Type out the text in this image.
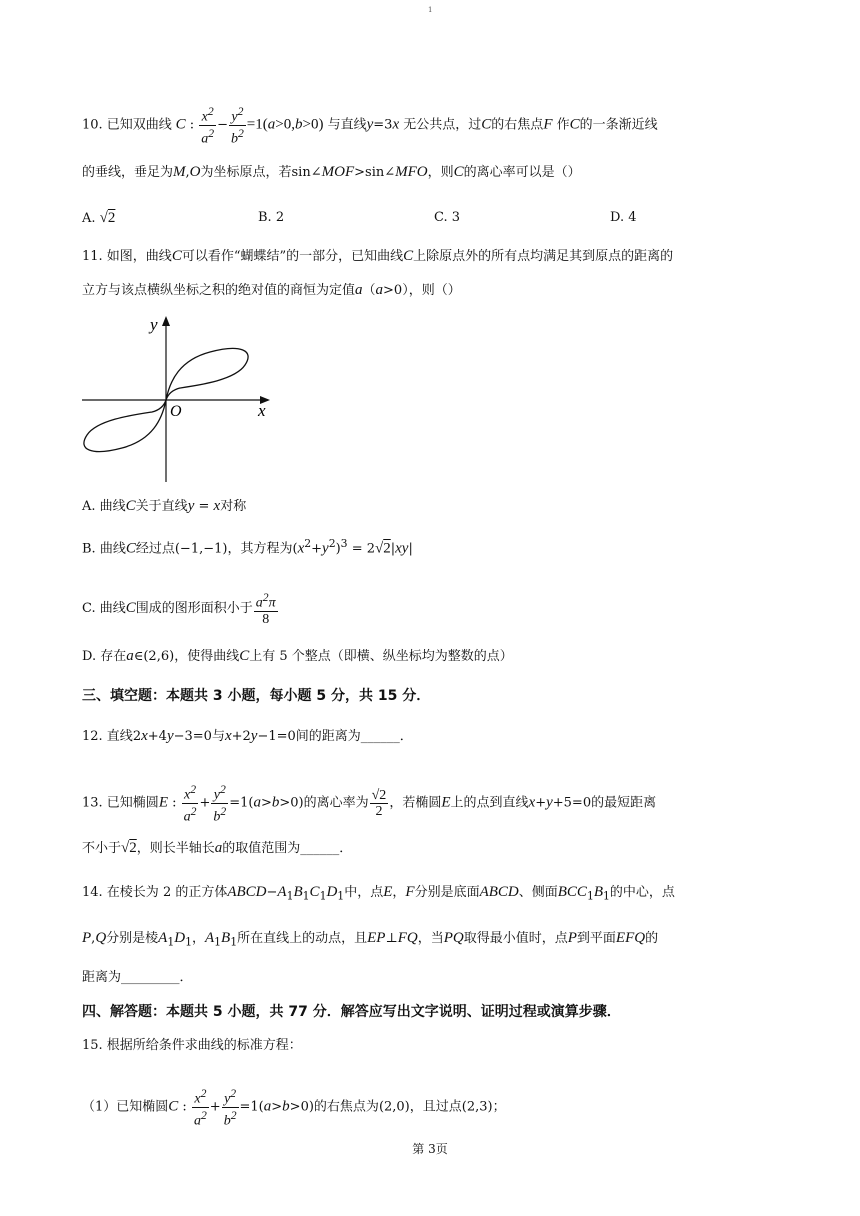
1
10. 已知双曲线 C : $\frac{x^2}{a^2} - \frac{y^2}{b^2} =1(a>0,b>0)$ 与直线y=3x 无公共点，过C的右焦点F 作C的一条渐近线
的垂线，垂足为M,O为坐标原点，若sin∠MOF>sin∠MFO，则C的离心率可以是（）
A. √2	B. 2	C. 3	D. 4
11. 如图，曲线C可以看作“蝴蝶结”的一部分，已知曲线C上除原点外的所有点均满足其到原点的距离的
立方与该点横纵坐标之积的绝对值的商恒为定值a（a>0），则（）
y
x
O
A. 曲线C关于直线y = x对称
B. 曲线C经过点(−1,−1)，其方程为$(x^2+y^2)^3 = 2√2|xy|$
C. 曲线C围成的图形面积小于 $\frac{a^2\pi}{8}$
D. 存在a∈(2,6)，使得曲线C上有 5 个整点（即横、纵坐标均为整数的点）
三、填空题：本题共 3 小题，每小题 5 分，共 15 分．
12. 直线2x+4y−3=0与x+2y−1=0间的距离为______．
13. 已知椭圆E : $\frac{x^2}{a^2} + \frac{y^2}{b^2} =1(a>b>0)$的离心率为 $\frac{√2}{2}$ ，若椭圆E上的点到直线x+y+5=0的最短距离
不小于√2，则长半轴长a的取值范围为______．
14. 在棱长为 2 的正方体$ABCD-A_1B_1C_1D_1$中，点E，F分别是底面ABCD、侧面$BCC_1B_1$的中心，点
P,Q分别是棱$A_1D_1$，$A_1B_1$所在直线上的动点，且EP⊥FQ，当PQ取得最小值时，点P到平面EFQ的
距离为_________．
四、解答题：本题共 5 小题，共 77 分．解答应写出文字说明、证明过程或演算步骤．
15. 根据所给条件求曲线的标准方程：
（1）已知椭圆C : $\frac{x^2}{a^2} + \frac{y^2}{b^2} =1(a>b>0)$的右焦点为(2,0)，且过点(2,3)；
第 3页
